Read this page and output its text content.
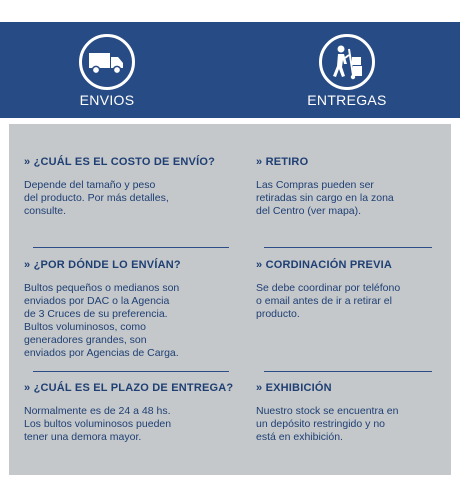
ENVIOS	ENTREGAS
» ¿CUÁL ES EL COSTO DE ENVÍO?
Depende del tamaño y peso
del producto. Por más detalles,
consulte.
» ¿POR DÓNDE LO ENVÍAN?
Bultos pequeños o medianos son
enviados por DAC o la Agencia
de 3 Cruces de su preferencia.
Bultos voluminosos, como
generadores grandes, son
enviados por Agencias de Carga.
» ¿CUÁL ES EL PLAZO DE ENTREGA?
Normalmente es de 24 a 48 hs.
Los bultos voluminosos pueden
tener una demora mayor.
» RETIRO
Las Compras pueden ser
retiradas sin cargo en la zona
del Centro (ver mapa).
» CORDINACIÓN PREVIA
Se debe coordinar por teléfono
o email antes de ir a retirar el
producto.
» EXHIBICIÓN
Nuestro stock se encuentra en
un depósito restringido y no
está en exhibición.
